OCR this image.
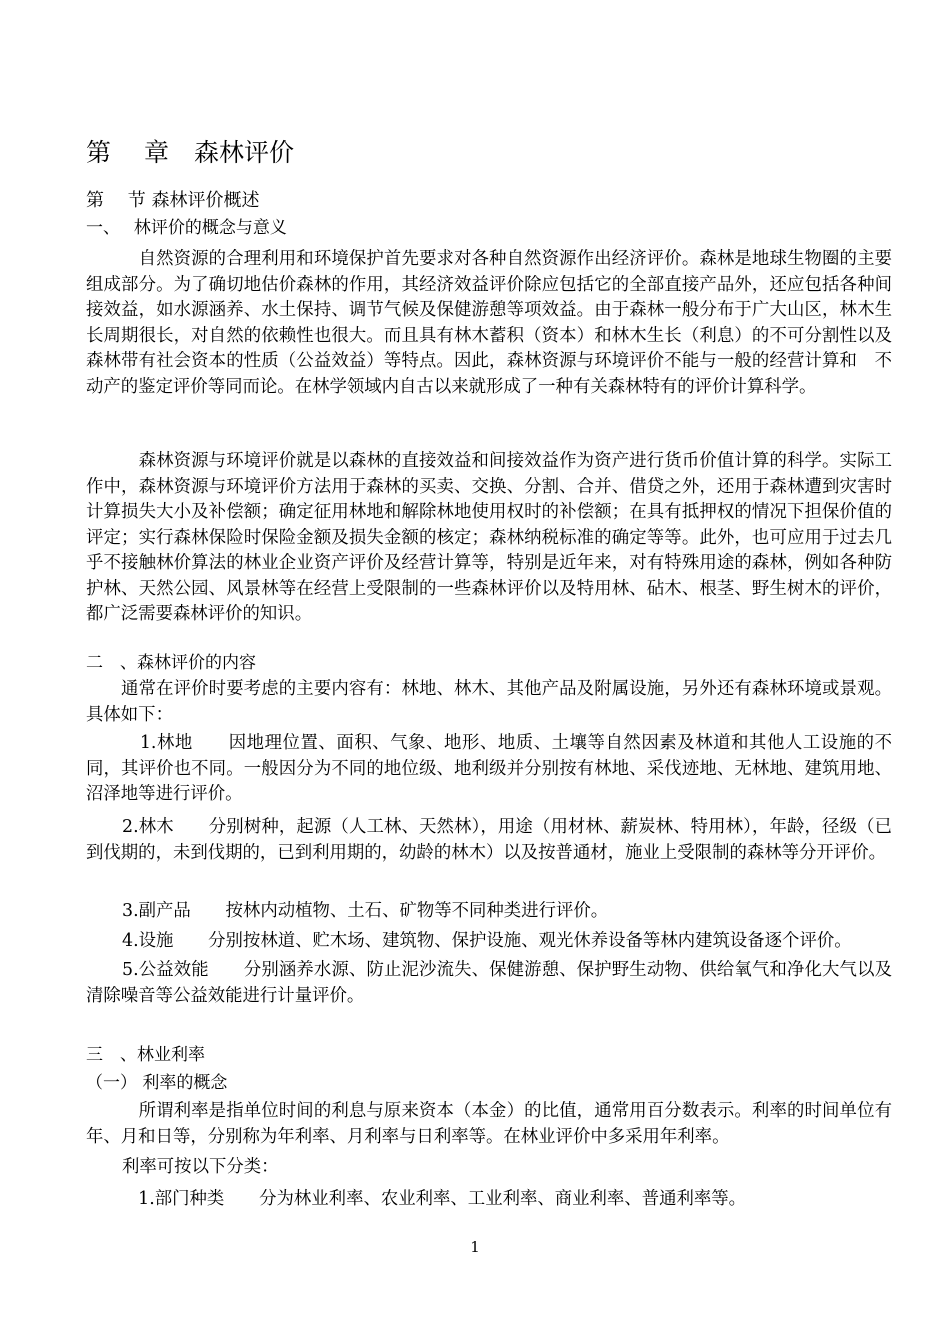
第　 章　森林评价　
第　 节 森林评价概述　
一、　 林评价的概念与意义　

　　　自然资源的合理利用和环境保护首先要求对各种自然资源作出经济评价。森林是地球生物圈的主要组成部分。为了确切地估价森林的作用，其经济效益评价除应包括它的全部直接产品外，还应包括各种间接效益，如水源涵养、水土保持、调节气候及保健游憩等项效益。由于森林一般分布于广大山区，林木生长周期很长，对自然的依赖性也很大。而且具有林木蓄积（资本）和林木生长（利息）的不可分割性以及森林带有社会资本的性质（公益效益）等特点。因此，森林资源与环境评价不能与一般的经营计算和　不动产的鉴定评价等同而论。在林学领域内自古以来就形成了一种有关森林特有的评价计算科学。　

　　　森林资源与环境评价就是以森林的直接效益和间接效益作为资产进行货币价值计算的科学。实际工作中，森林资源与环境评价方法用于森林的买卖、交换、分割、合并、借贷之外，还用于森林遭到灾害时计算损失大小及补偿额；确定征用林地和解除林地使用权时的补偿额；在具有抵押权的情况下担保价值的评定；实行森林保险时保险金额及损失金额的核定；森林纳税标准的确定等等。此外，也可应用于过去几乎不接触林价算法的林业企业资产评价及经营计算等，特别是近年来，对有特殊用途的森林，例如各种防护林、天然公园、风景林等在经营上受限制的一些森林评价以及特用林、砧木、根茎、野生树木的评价，都广泛需要森林评价的知识。　

二　、森林评价的内容　

　　通常在评价时要考虑的主要内容有：林地、林木、其他产品及附属设施，另外还有森林环境或景观。具体如下：　

　　　1.林地　　因地理位置、面积、气象、地形、地质、土壤等自然因素及林道和其他人工设施的不同，其评价也不同。一般因分为不同的地位级、地利级并分别按有林地、采伐迹地、无林地、建筑用地、沼泽地等进行评价。　

2.林木　　分别树种，起源（人工林、天然林），用途（用材林、薪炭林、特用林），年龄，径级（已到伐期的，未到伐期的，已到利用期的，幼龄的林木）以及按普通材，施业上受限制的森林等分开评价。　

3.副产品　　按林内动植物、土石、矿物等不同种类进行评价。　

4.设施　　分别按林道、贮木场、建筑物、保护设施、观光休养设备等林内建筑设备逐个评价。　

5.公益效能　　分别涵养水源、防止泥沙流失、保健游憩、保护野生动物、供给氧气和净化大气以及清除噪音等公益效能进行计量评价。　

三　、林业利率　
（一） 利率的概念　

　　　所谓利率是指单位时间的利息与原来资本（本金）的比值，通常用百分数表示。利率的时间单位有年、月和日等，分别称为年利率、月利率与日利率等。在林业评价中多采用年利率。　

利率可按以下分类：　

　　　1.部门种类　　分为林业利率、农业利率、工业利率、商业利率、普通利率等。　

1
